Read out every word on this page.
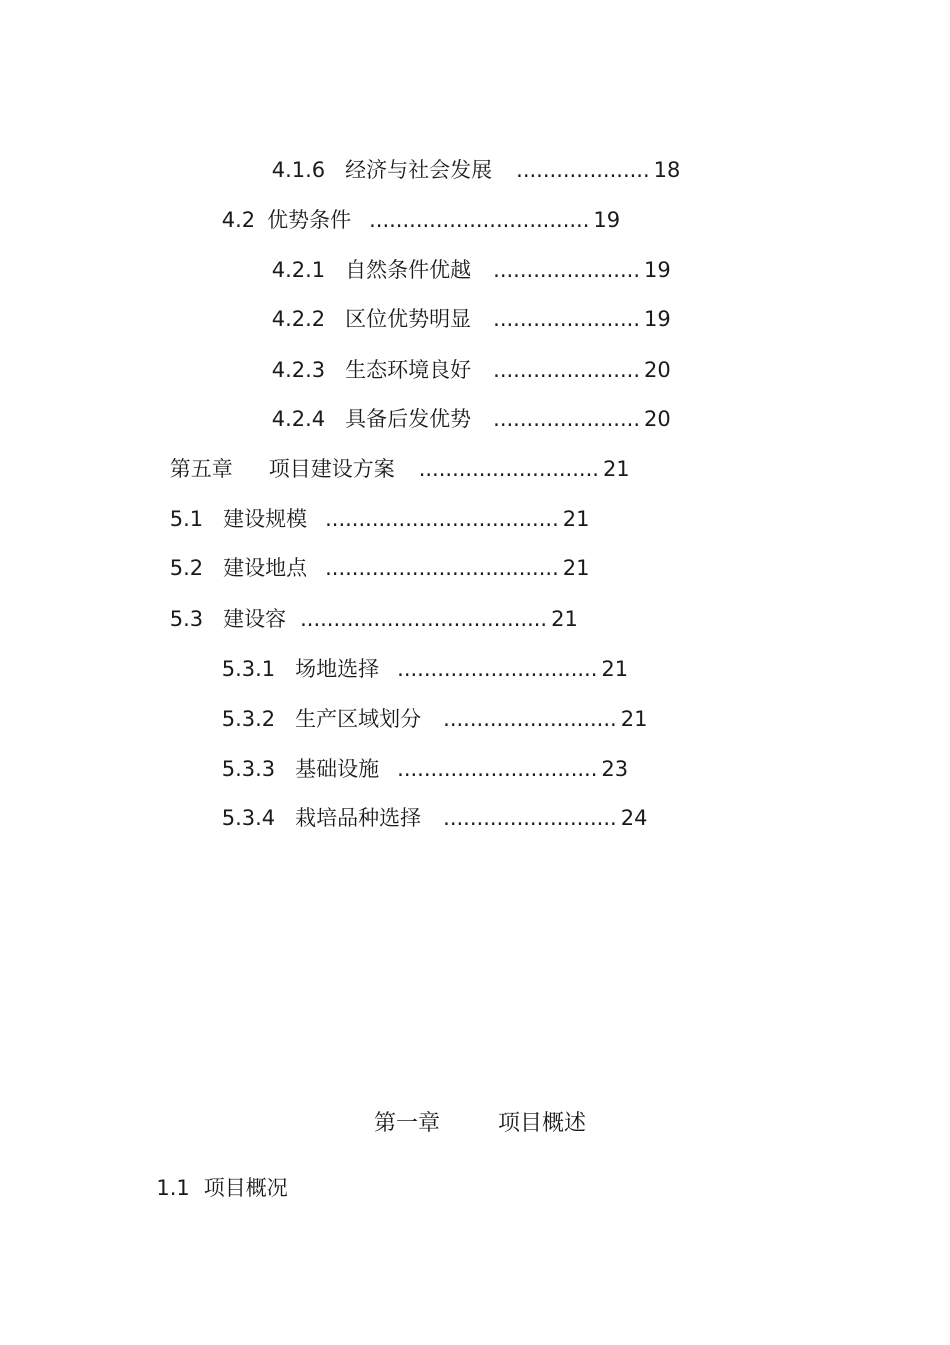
4.1.6 经济与社会发展 .................... 18

4.2 优势条件 ................................. 19

4.2.1 自然条件优越 ...................... 19

4.2.2 区位优势明显 ...................... 19

4.2.3 生态环境良好 ...................... 20

4.2.4 具备后发优势 ...................... 20

第五章 项目建设方案 ........................... 21

5.1 建设规模 ................................... 21

5.2 建设地点 ................................... 21

5.3 建设容 ..................................... 21

5.3.1 场地选择 .............................. 21

5.3.2 生产区域划分 .......................... 21

5.3.3 基础设施 .............................. 23

5.3.4 栽培品种选择 .......................... 24

第一章	项目概述

1.1 项目概况
